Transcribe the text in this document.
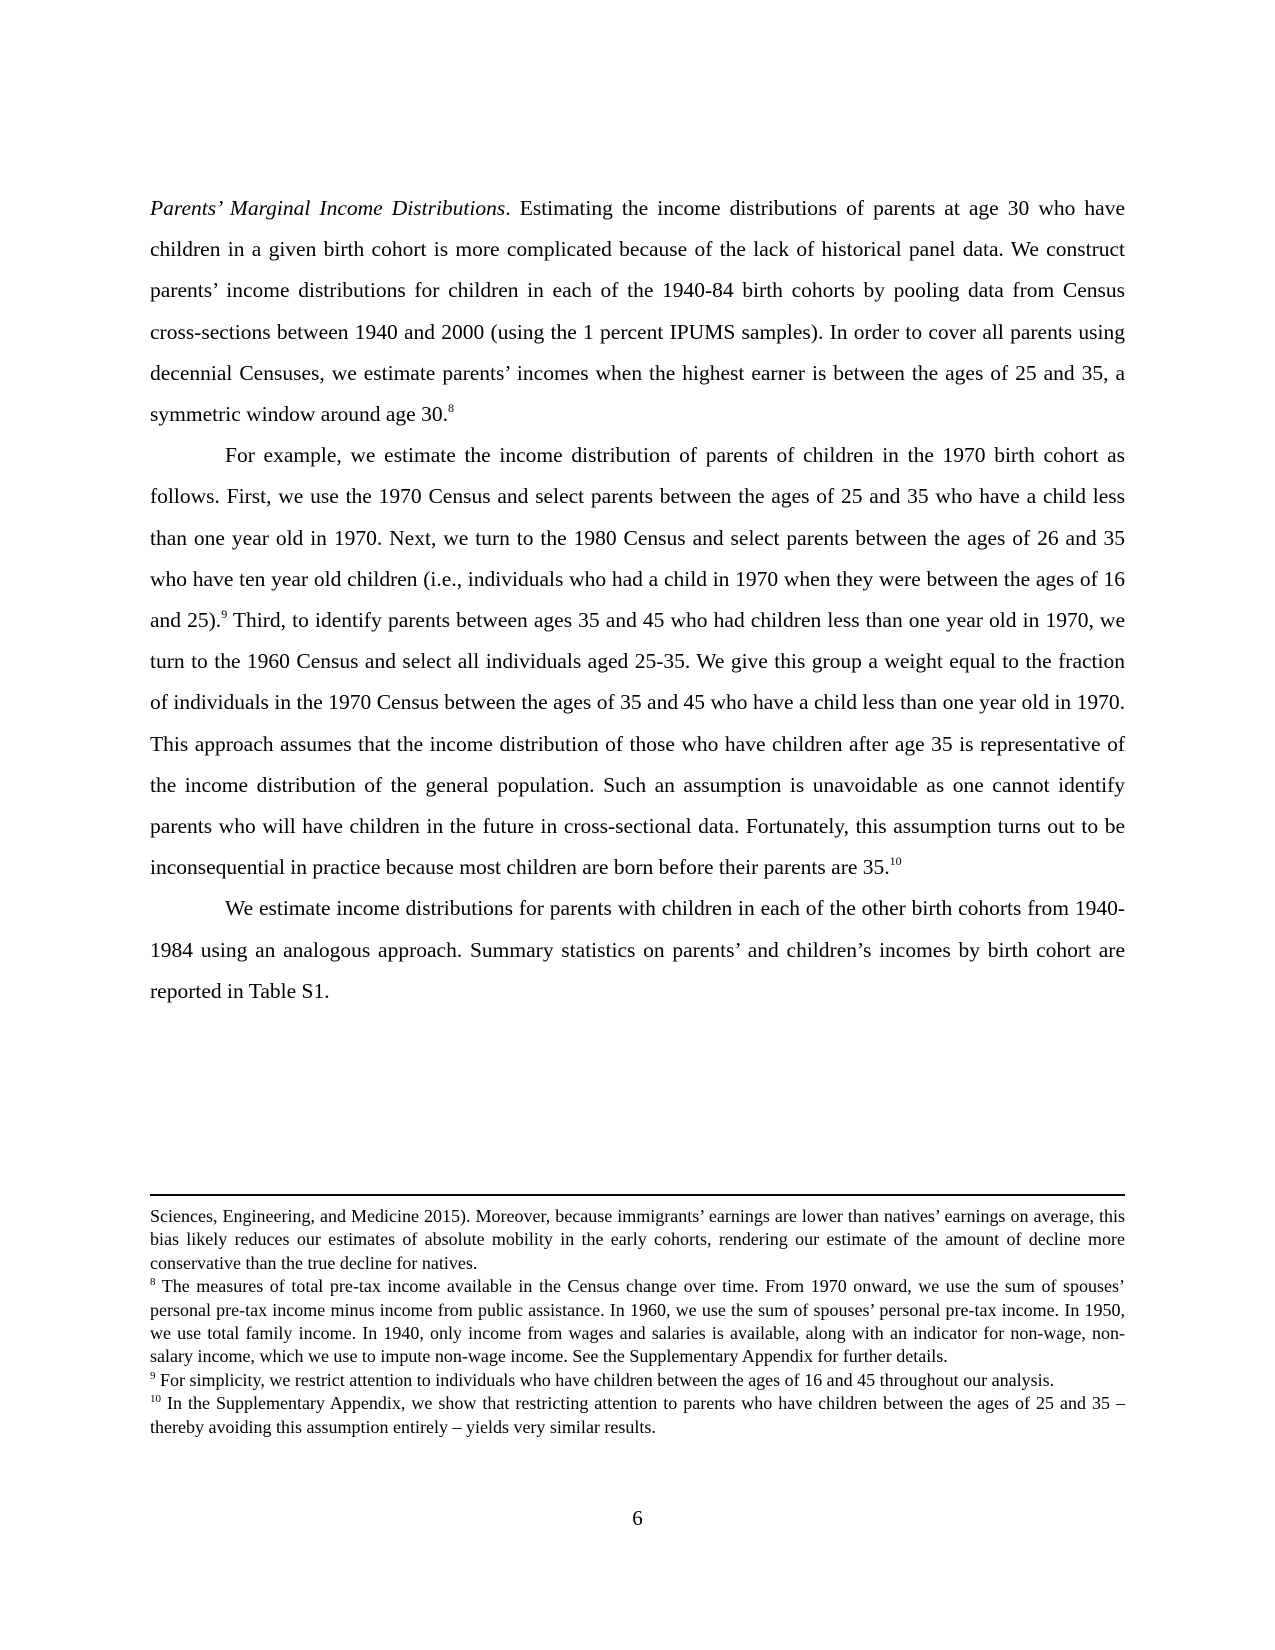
Parents’ Marginal Income Distributions. Estimating the income distributions of parents at age 30 who have children in a given birth cohort is more complicated because of the lack of historical panel data. We construct parents’ income distributions for children in each of the 1940-84 birth cohorts by pooling data from Census cross-sections between 1940 and 2000 (using the 1 percent IPUMS samples). In order to cover all parents using decennial Censuses, we estimate parents’ incomes when the highest earner is between the ages of 25 and 35, a symmetric window around age 30.$^8$

For example, we estimate the income distribution of parents of children in the 1970 birth cohort as follows. First, we use the 1970 Census and select parents between the ages of 25 and 35 who have a child less than one year old in 1970. Next, we turn to the 1980 Census and select parents between the ages of 26 and 35 who have ten year old children (i.e., individuals who had a child in 1970 when they were between the ages of 16 and 25).$^9$ Third, to identify parents between ages 35 and 45 who had children less than one year old in 1970, we turn to the 1960 Census and select all individuals aged 25-35. We give this group a weight equal to the fraction of individuals in the 1970 Census between the ages of 35 and 45 who have a child less than one year old in 1970. This approach assumes that the income distribution of those who have children after age 35 is representative of the income distribution of the general population. Such an assumption is unavoidable as one cannot identify parents who will have children in the future in cross-sectional data. Fortunately, this assumption turns out to be inconsequential in practice because most children are born before their parents are 35.10

We estimate income distributions for parents with children in each of the other birth cohorts from 1940-1984 using an analogous approach. Summary statistics on parents’ and children’s incomes by birth cohort are reported in Table S1.

Sciences, Engineering, and Medicine 2015). Moreover, because immigrants’ earnings are lower than natives’ earnings on average, this bias likely reduces our estimates of absolute mobility in the early cohorts, rendering our estimate of the amount of decline more conservative than the true decline for natives.

$^8$ The measures of total pre-tax income available in the Census change over time. From 1970 onward, we use the sum of spouses’ personal pre-tax income minus income from public assistance. In 1960, we use the sum of spouses’ personal pre-tax income. In 1950, we use total family income. In 1940, only income from wages and salaries is available, along with an indicator for non-wage, non-salary income, which we use to impute non-wage income. See the Supplementary Appendix for further details.

$^9$ For simplicity, we restrict attention to individuals who have children between the ages of 16 and 45 throughout our analysis.

$^{10}$ In the Supplementary Appendix, we show that restricting attention to parents who have children between the ages of 25 and 35 – thereby avoiding this assumption entirely – yields very similar results.

6
